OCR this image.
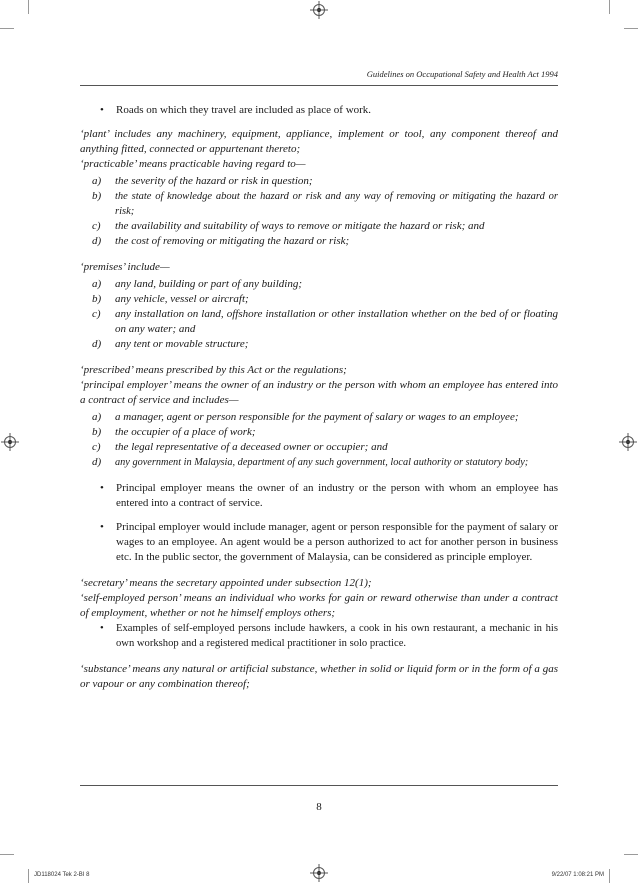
Guidelines on Occupational Safety and Health Act 1994
• Roads on which they travel are included as place of work.

‘plant’ includes any machinery, equipment, appliance, implement or tool, any component thereof and anything fitted, connected or appurtenant thereto;

‘practicable’ means practicable having regard to—

a) the severity of the hazard or risk in question;
b) the state of knowledge about the hazard or risk and any way of removing or mitigating the hazard or risk;
c) the availability and suitability of ways to remove or mitigate the hazard or risk; and
d) the cost of removing or mitigating the hazard or risk;

‘premises’ include—

a) any land, building or part of any building;
b) any vehicle, vessel or aircraft;
c) any installation on land, offshore installation or other installation whether on the bed of or floating on any water; and
d) any tent or movable structure;

‘prescribed’ means prescribed by this Act or the regulations;

‘principal employer’ means the owner of an industry or the person with whom an employee has entered into a contract of service and includes—

a) a manager, agent or person responsible for the payment of salary or wages to an employee;
b) the occupier of a place of work;
c) the legal representative of a deceased owner or occupier; and
d) any government in Malaysia, department of any such government, local authority or statutory body;
• Principal employer means the owner of an industry or the person with whom an employee has entered into a contract of service.
• Principal employer would include manager, agent or person responsible for the payment of salary or wages to an employee. An agent would be a person authorized to act for another person in business etc. In the public sector, the government of Malaysia, can be considered as principle employer.

‘secretary’ means the secretary appointed under subsection 12(1);

‘self-employed person’ means an individual who works for gain or reward otherwise than under a contract of employment, whether or not he himself employs others;

• Examples of self-employed persons include hawkers, a cook in his own restaurant, a mechanic in his own workshop and a registered medical practitioner in solo practice.

‘substance’ means any natural or artificial substance, whether in solid or liquid form or in the form of a gas or vapour or any combination thereof;

8
JD118024 Tek 2-BI 8	9/22/07 1:08:21 PM
